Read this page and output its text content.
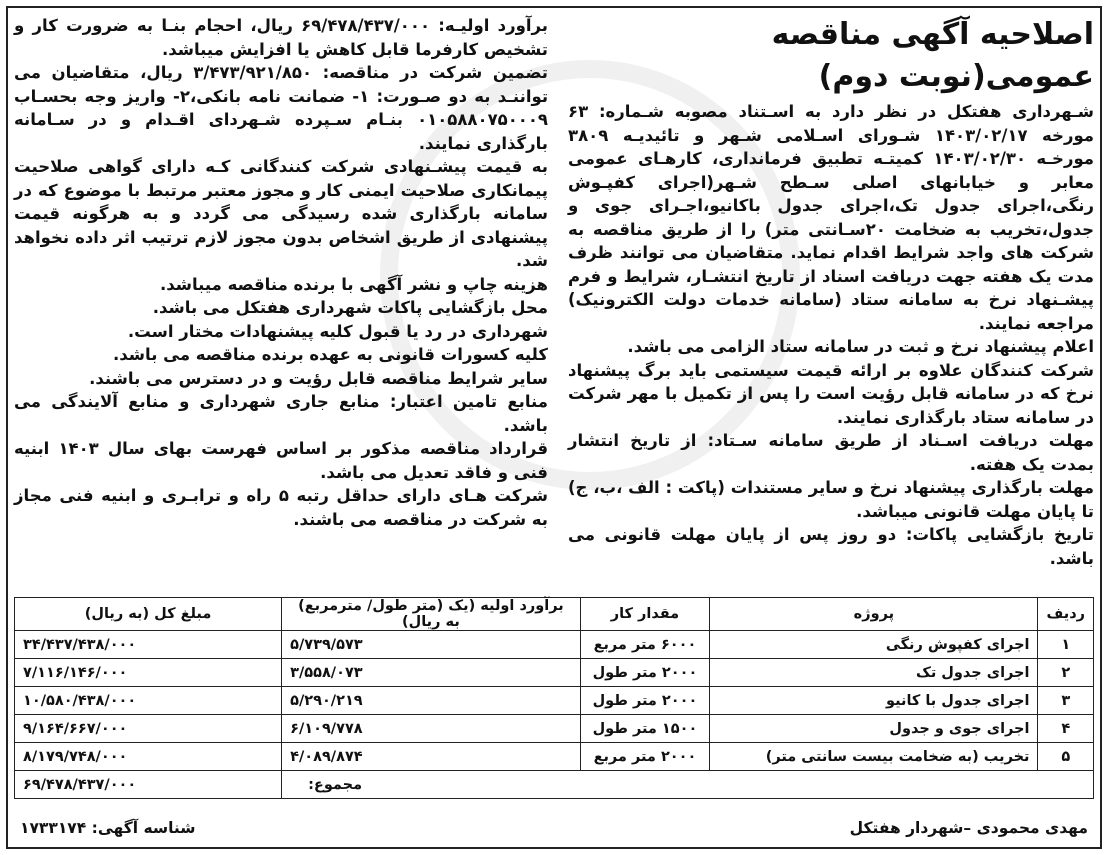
اصلاحیه آگهی مناقصه عمومی(نوبت دوم)

شـهرداری هفتکل در نظر دارد به اسـتناد مصوبه شـماره: ۶۳ مورخه ۱۴۰۳/۰۲/۱۷ شـورای اسـلامی شـهر و تائیدیـه ۳۸۰۹ مورخـه ۱۴۰۳/۰۲/۳۰ کمیتـه تطبیق فرمانداری، کارهـای عمومی معابر و خیابانهای اصلی سـطح شـهر(اجرای کفپـوش رنگی،اجرای جدول تک،اجرای جدول باکانیو،اجـرای جوی و جدول،تخریب به ضخامت ۲۰سـانتی متر) را از طریق مناقصه به شرکت های واجد شرایط اقدام نماید. متقاضیان می توانند ظرف مدت یک هفته جهت دریافت اسناد از تاریخ انتشـار، شرایط و فرم پیشـنهاد نرخ به سامانه ستاد (سامانه خدمات دولت الکترونیک) مراجعه نمایند.

اعلام پیشنهاد نرخ و ثبت در سامانه ستاد الزامی می باشد.

شرکت کنندگان علاوه بر ارائه قیمت سیستمی باید برگ پیشنهاد نرخ که در سامانه قابل رؤیت است را پس از تکمیل با مهر شرکت در سامانه ستاد بارگذاری نمایند.

مهلت دریافت اسـناد از طریق سامانه سـتاد: از تاریخ انتشار بمدت یک هفته.

مهلت بارگذاری پیشنهاد نرخ و سایر مستندات (پاکت : الف ،ب، ج) تا پایان مهلت قانونی میباشد.

تاریخ بازگشایی پاکات: دو روز پس از پایان مهلت قانونی می باشد.

برآورد اولیـه: ۶۹/۴۷۸/۴۳۷/۰۰۰ ریال، احجام بنـا به ضرورت کار و تشخیص کارفرما قابل کاهش یا افزایش میباشد.

تضمین شرکت در مناقصه: ۳/۴۷۳/۹۲۱/۸۵۰ ریال، متقاضیان می تواننـد به دو صـورت: ۱- ضمانت نامه بانکی،۲- واریز وجه بحسـاب ۰۱۰۵۸۸۰۷۵۰۰۰۹ بنـام سـپرده شـهردای اقـدام و در سـامانه بارگذاری نمایند.

به قیمت پیشـنهادی شرکت کنندگانی کـه دارای گواهی صلاحیت پیمانکاری صلاحیت ایمنی کار و مجوز معتبر مرتبط با موضوع که در سامانه بارگذاری شده رسیدگی می گردد و به هرگونه قیمت پیشنهادی از طریق اشخاص بدون مجوز لازم ترتیب اثر داده نخواهد شد.

هزینه چاپ و نشر آگهی با برنده مناقصه میباشد.

محل بازگشایی پاکات شهرداری هفتکل می باشد.

شهرداری در رد یا قبول کلیه پیشنهادات مختار است.

کلیه کسورات قانونی به عهده برنده مناقصه می باشد.

سایر شرایط مناقصه قابل رؤیت و در دسترس می باشند.

منابع تامین اعتبار: منابع جاری شهرداری و منابع آلایندگی می باشد.

قرارداد مناقصه مذکور بر اساس فهرست بهای سال ۱۴۰۳ ابنیه فنی و فاقد تعدیل می باشد.

شرکت هـای دارای حداقل رتبه ۵ راه و ترابـری و ابنیه فنی مجاز به شرکت در مناقصه می باشند.

ردیف	پروژه	مقدار کار	برآورد اولیه (یک (متر طول/ مترمربع) به ریال)	مبلغ کل (به ریال)
۱	اجرای کفپوش رنگی	۶۰۰۰ متر مربع	۵/۷۳۹/۵۷۳	۳۴/۴۳۷/۴۳۸/۰۰۰
۲	اجرای جدول تک	۲۰۰۰ متر طول	۳/۵۵۸/۰۷۳	۷/۱۱۶/۱۴۶/۰۰۰
۳	اجرای جدول با کانیو	۲۰۰۰ متر طول	۵/۲۹۰/۲۱۹	۱۰/۵۸۰/۴۳۸/۰۰۰
۴	اجرای جوی و جدول	۱۵۰۰ متر طول	۶/۱۰۹/۷۷۸	۹/۱۶۴/۶۶۷/۰۰۰
۵	تخریب (به ضخامت بیست سانتی متر)	۲۰۰۰ متر مربع	۴/۰۸۹/۸۷۴	۸/۱۷۹/۷۴۸/۰۰۰
مجموع:				۶۹/۴۷۸/۴۳۷/۰۰۰
مهدی محمودی –شهردار هفتکل
شناسه آگهی: ۱۷۳۳۱۷۴
